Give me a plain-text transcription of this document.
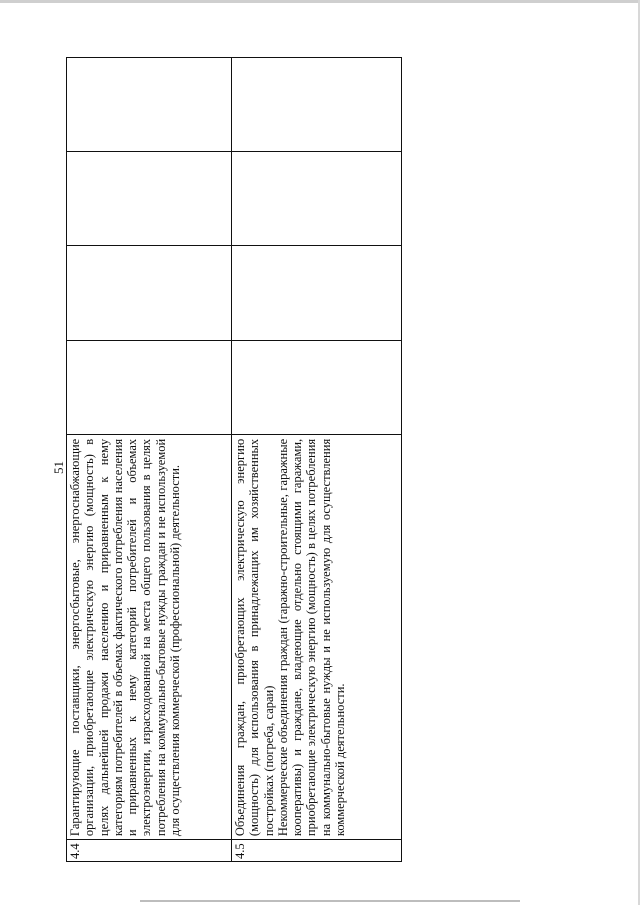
51
4.4	Гарантирующие поставщики, энергосбытовые, энергоснабжающие организации, приобретающие электрическую энергию (мощность) в целях дальнейшей продажи населению и приравненным к нему категориям потребителей в объемах фактического потребления населения и приравненных к нему категорий потребителей и объемах электроэнергии, израсходованной на места общего пользования в целях потребления на коммунально-бытовые нужды граждан и не используемой для осуществления коммерческой (профессиональной) деятельности.				

4.5	Объединения граждан, приобретающих электрическую энергию (мощность) для использования в принадлежащих им хозяйственных постройках (погреба, сараи) Некоммерческие объединения граждан (гаражно-строительные, гаражные кооперативы) и граждане, владеющие отдельно стоящими гаражами, приобретающие электрическую энергию (мощность) в целях потребления на коммунально-бытовые нужды и не используемую для осуществления коммерческой деятельности.				
